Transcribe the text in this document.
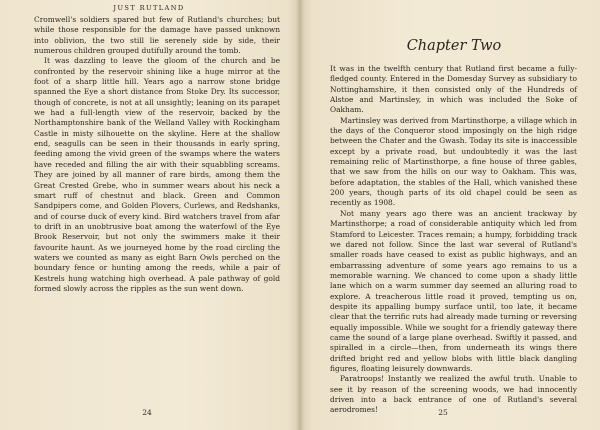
JUST RUTLAND

Cromwell's soldiers spared but few of Rutland's churches; but while those responsible for the damage have passed unknown into oblivion, the two still lie serenely side by side, their numerous children grouped dutifully around the tomb.

It was dazzling to leave the gloom of the church and be confronted by the reservoir shining like a huge mirror at the foot of a sharp little hill. Years ago a narrow stone bridge spanned the Eye a short distance from Stoke Dry. Its successor, though of concrete, is not at all unsightly; leaning on its parapet we had a full-length view of the reservoir, backed by the Northamptonshire bank of the Welland Valley with Rockingham Castle in misty silhouette on the skyline. Here at the shallow end, seagulls can be seen in their thousands in early spring, feeding among the vivid green of the swamps where the waters have receded and filling the air with their squabbling screams. They are joined by all manner of rare birds, among them the Great Crested Grebe, who in summer wears about his neck a smart ruff of chestnut and black. Green and Common Sandpipers come, and Golden Plovers, Curlews, and Redshanks, and of course duck of every kind. Bird watchers travel from afar to drift in an unobtrusive boat among the waterfowl of the Eye Brook Reservoir, but not only the swimmers make it their favourite haunt. As we journeyed home by the road circling the waters we counted as many as eight Barn Owls perched on the boundary fence or hunting among the reeds, while a pair of Kestrels hung watching high overhead. A pale pathway of gold formed slowly across the ripples as the sun went down.

24
Chapter Two

It was in the twelfth century that Rutland first became a fully-fledged county. Entered in the Domesday Survey as subsidiary to Nottinghamshire, it then consisted only of the Hundreds of Alstoe and Martinsley, in which was included the Soke of Oakham.

Martinsley was derived from Martinsthorpe, a village which in the days of the Conqueror stood imposingly on the high ridge between the Chater and the Gwash. Today its site is inaccessible except by a private road, but undoubtedly it was the last remaining relic of Martinsthorpe, a fine house of three gables, that we saw from the hills on our way to Oakham. This was, before adaptation, the stables of the Hall, which vanished these 200 years, though parts of its old chapel could be seen as recently as 1908.

Not many years ago there was an ancient trackway by Martinsthorpe; a road of considerable antiquity which led from Stamford to Leicester. Traces remain; a humpy, forbidding track we dared not follow. Since the last war several of Rutland's smaller roads have ceased to exist as public highways, and an embarrassing adventure of some years ago remains to us a memorable warning. We chanced to come upon a shady little lane which on a warm summer day seemed an alluring road to explore. A treacherous little road it proved, tempting us on, despite its appalling bumpy surface until, too late, it became clear that the terrific ruts had already made turning or reversing equally impossible. While we sought for a friendly gateway there came the sound of a large plane overhead. Swiftly it passed, and spiralled in a circle—then, from underneath its wings there drifted bright red and yellow blobs with little black dangling figures, floating leisurely downwards.

Paratroops! Instantly we realized the awful truth. Unable to see it by reason of the screening woods, we had innocently driven into a back entrance of one of Rutland's several aerodromes!	25
